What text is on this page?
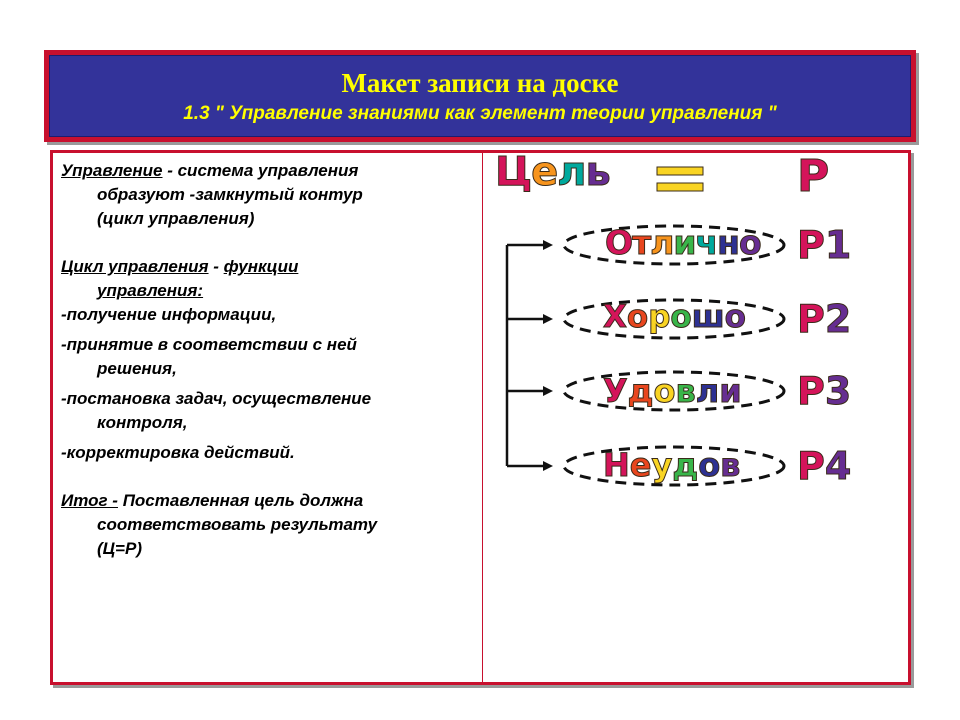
Макет записи на доске
1.3 " Управление знаниями как элемент теории управления "

Управление - система управления
образуют -замкнутый контур
(цикл управления)

Цикл управления - функции
управления:

-получение информации,

-принятие в соответствии с ней
решения,

-постановка задач, осуществление
контроля,

-корректировка действий.

Итог - Поставленная цель должна
соответствовать результату
(Ц=Р)

Цель	Р
Отлично
Хорошо
Удовли
Неудов
Р1
Р2
Р3
Р4
